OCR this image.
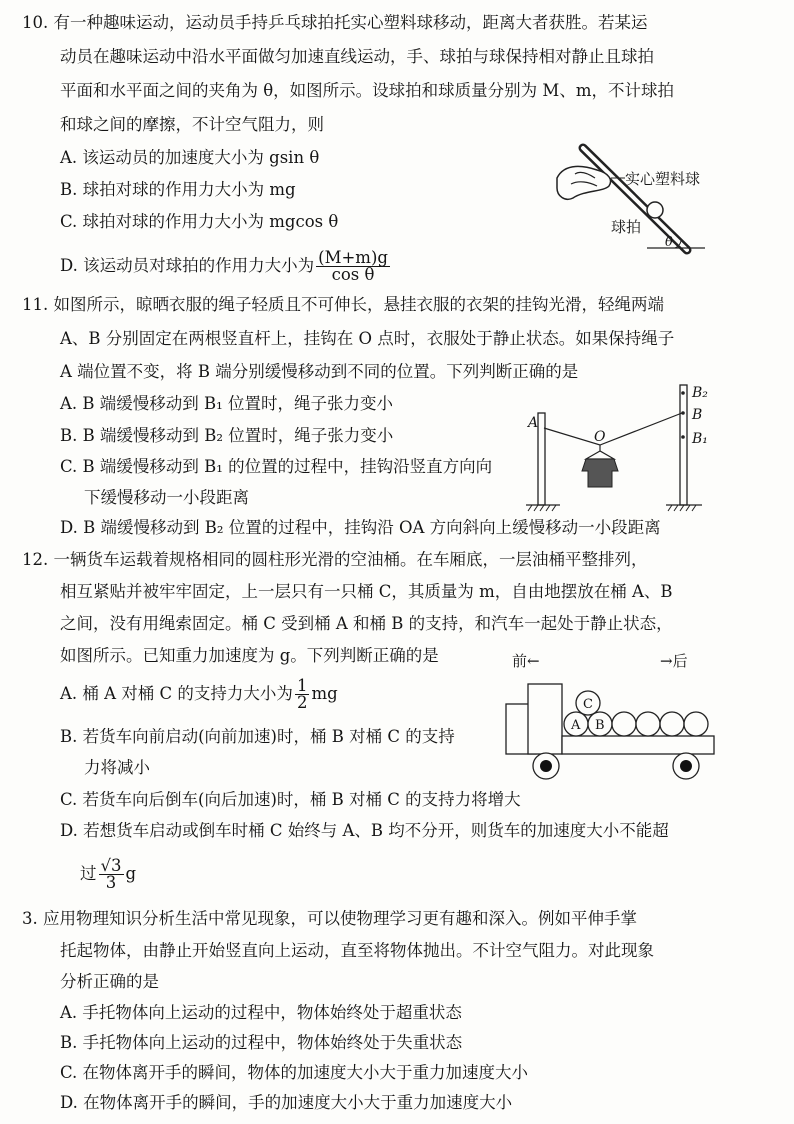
10. 有一种趣味运动，运动员手持乒乓球拍托实心塑料球移动，距离大者获胜。若某运
动员在趣味运动中沿水平面做匀加速直线运动，手、球拍与球保持相对静止且球拍
平面和水平面之间的夹角为 θ，如图所示。设球拍和球质量分别为 M、m，不计球拍
和球之间的摩擦，不计空气阻力，则
A. 该运动员的加速度大小为 gsin θ
B. 球拍对球的作用力大小为 mg
C. 球拍对球的作用力大小为 mgcos θ
D. 该运动员对球拍的作用力大小为 $\frac{(M+m)g}{\text{cos θ}}$
实心塑料球
球拍
θ
11. 如图所示，晾晒衣服的绳子轻质且不可伸长，悬挂衣服的衣架的挂钩光滑，轻绳两端
A、B 分别固定在两根竖直杆上，挂钩在 O 点时，衣服处于静止状态。如果保持绳子
A 端位置不变，将 B 端分别缓慢移动到不同的位置。下列判断正确的是
A. B 端缓慢移动到 B₁ 位置时，绳子张力变小
B. B 端缓慢移动到 B₂ 位置时，绳子张力变小
C. B 端缓慢移动到 B₁ 的位置的过程中，挂钩沿竖直方向向
下缓慢移动一小段距离
D. B 端缓慢移动到 B₂ 位置的过程中，挂钩沿 OA 方向斜向上缓慢移动一小段距离
A
O
B₂
B
B₁
12. 一辆货车运载着规格相同的圆柱形光滑的空油桶。在车厢底，一层油桶平整排列，
相互紧贴并被牢牢固定，上一层只有一只桶 C，其质量为 m，自由地摆放在桶 A、B
之间，没有用绳索固定。桶 C 受到桶 A 和桶 B 的支持，和汽车一起处于静止状态，
如图所示。已知重力加速度为 g。下列判断正确的是
A. 桶 A 对桶 C 的支持力大小为 $\frac{1}{2}$ mg
B. 若货车向前启动(向前加速)时，桶 B 对桶 C 的支持
力将减小
C. 若货车向后倒车(向后加速)时，桶 B 对桶 C 的支持力将增大
D. 若想货车启动或倒车时桶 C 始终与 A、B 均不分开，则货车的加速度大小不能超
过 $\frac{√3}{3}$ g
前←	→后
A B
C
3. 应用物理知识分析生活中常见现象，可以使物理学习更有趣和深入。例如平伸手掌
托起物体，由静止开始竖直向上运动，直至将物体抛出。不计空气阻力。对此现象
分析正确的是
A. 手托物体向上运动的过程中，物体始终处于超重状态
B. 手托物体向上运动的过程中，物体始终处于失重状态
C. 在物体离开手的瞬间，物体的加速度大小大于重力加速度大小
D. 在物体离开手的瞬间，手的加速度大小大于重力加速度大小
